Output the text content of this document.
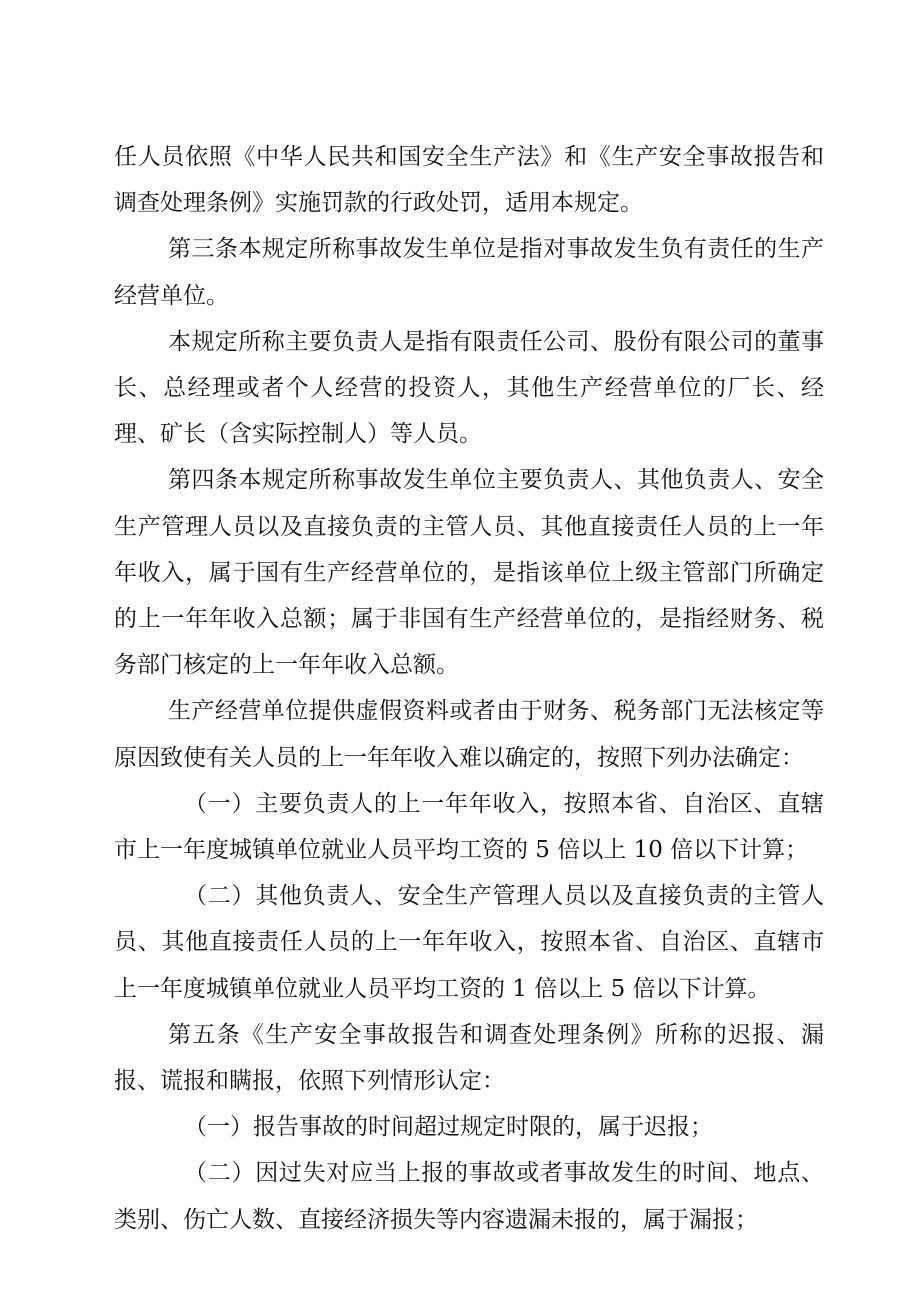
任人员依照《中华人民共和国安全生产法》和《生产安全事故报告和调查处理条例》实施罚款的行政处罚，适用本规定。

第三条本规定所称事故发生单位是指对事故发生负有责任的生产经营单位。

本规定所称主要负责人是指有限责任公司、股份有限公司的董事长、总经理或者个人经营的投资人，其他生产经营单位的厂长、经理、矿长（含实际控制人）等人员。

第四条本规定所称事故发生单位主要负责人、其他负责人、安全生产管理人员以及直接负责的主管人员、其他直接责任人员的上一年年收入，属于国有生产经营单位的，是指该单位上级主管部门所确定的上一年年收入总额；属于非国有生产经营单位的，是指经财务、税务部门核定的上一年年收入总额。

生产经营单位提供虚假资料或者由于财务、税务部门无法核定等原因致使有关人员的上一年年收入难以确定的，按照下列办法确定：

（一）主要负责人的上一年年收入，按照本省、自治区、直辖市上一年度城镇单位就业人员平均工资的 5 倍以上 10 倍以下计算；

（二）其他负责人、安全生产管理人员以及直接负责的主管人员、其他直接责任人员的上一年年收入，按照本省、自治区、直辖市上一年度城镇单位就业人员平均工资的 1 倍以上 5 倍以下计算。

第五条《生产安全事故报告和调查处理条例》所称的迟报、漏报、谎报和瞒报，依照下列情形认定：

（一）报告事故的时间超过规定时限的，属于迟报；

（二）因过失对应当上报的事故或者事故发生的时间、地点、类别、伤亡人数、直接经济损失等内容遗漏未报的，属于漏报；
